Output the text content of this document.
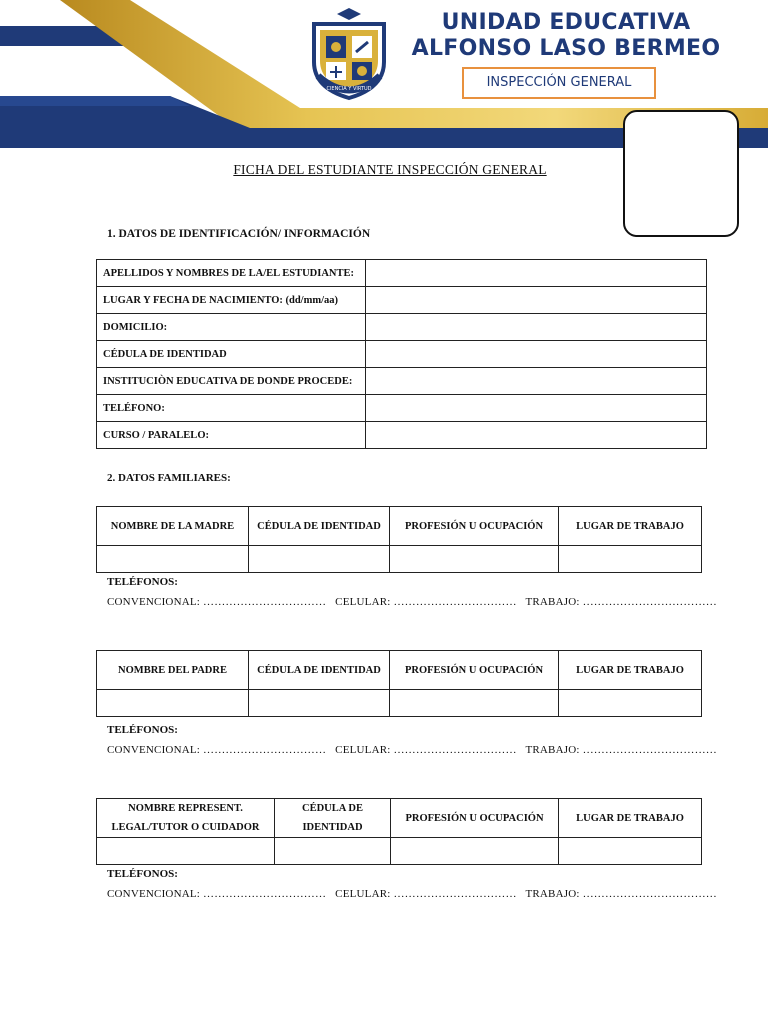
CIENCIA Y VIRTUD
UNIDAD EDUCATIVA
ALFONSO LASO BERMEO
INSPECCIÓN GENERAL
FICHA DEL ESTUDIANTE INSPECCIÓN GENERAL
1. DATOS DE IDENTIFICACIÓN/ INFORMACIÓN
APELLIDOS Y NOMBRES DE LA/EL ESTUDIANTE:	
LUGAR Y FECHA DE NACIMIENTO: (dd/mm/aa)	
DOMICILIO:	
CÉDULA DE IDENTIDAD	
INSTITUCIÒN EDUCATIVA DE DONDE PROCEDE:	
TELÉFONO:	
CURSO / PARALELO:	
2. DATOS FAMILIARES:
NOMBRE DE LA MADRE	CÉDULA DE IDENTIDAD	PROFESIÓN U OCUPACIÓN	LUGAR DE TRABAJO

TELÉFONOS:
CONVENCIONAL: …………………………… CELULAR: …………………………… TRABAJO: ………………………………
NOMBRE DEL PADRE	CÉDULA DE IDENTIDAD	PROFESIÓN U OCUPACIÓN	LUGAR DE TRABAJO

TELÉFONOS:
CONVENCIONAL: …………………………… CELULAR: …………………………… TRABAJO: ………………………………
NOMBRE REPRESENT. LEGAL/TUTOR O CUIDADOR	CÉDULA DE IDENTIDAD	PROFESIÓN U OCUPACIÓN	LUGAR DE TRABAJO

TELÉFONOS:
CONVENCIONAL: …………………………… CELULAR: …………………………… TRABAJO: ………………………………
